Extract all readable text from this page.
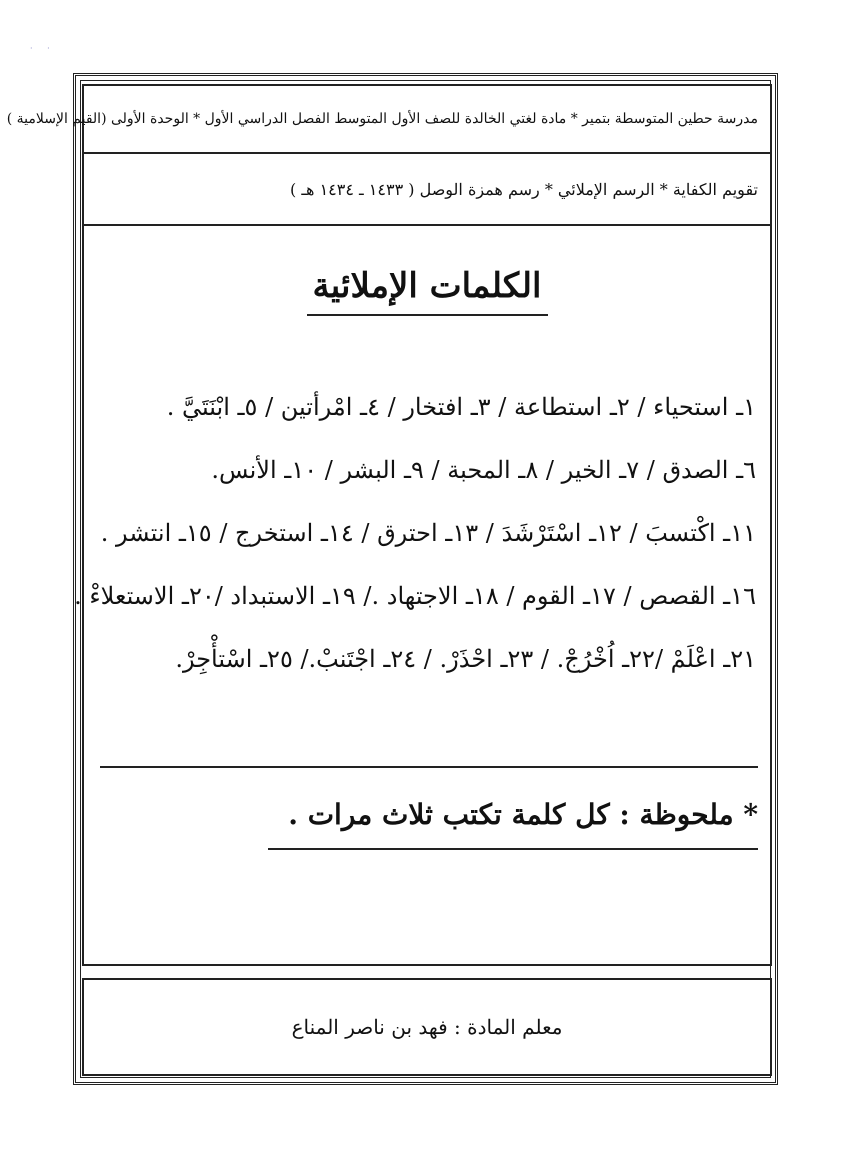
· ·
مدرسة حطين المتوسطة بتمير * مادة لغتي الخالدة للصف الأول المتوسط الفصل الدراسي الأول * الوحدة الأولى (القيم الإسلامية )
تقويم الكفاية * الرسم الإملائي * رسم همزة الوصل ( ١٤٣٣ ـ ١٤٣٤ هـ )
الكلمات الإملائية
١ـ استحياء / ٢ـ استطاعة / ٣ـ افتخار / ٤ـ امْرأتين / ٥ـ ابْنَتَيَّ .
٦ـ الصدق / ٧ـ الخير / ٨ـ المحبة / ٩ـ البشر / ١٠ـ الأنس.
١١ـ اكْتسبَ / ١٢ـ اسْتَرْشَدَ / ١٣ـ احترق / ١٤ـ استخرج / ١٥ـ انتشر .
١٦ـ القصص / ١٧ـ القوم / ١٨ـ الاجتهاد ./ ١٩ـ الاستبداد /٢٠ـ الاستعلاءْ .
٢١ـ اعْلَمْ /٢٢ـ اُخْرُجْ. / ٢٣ـ احْذَرْ. / ٢٤ـ اجْتَنبْ./ ٢٥ـ اسْتأْجِرْ.
* ملحوظة : كل كلمة تكتب ثلاث مرات .
معلم المادة : فهد بن ناصر المناع
